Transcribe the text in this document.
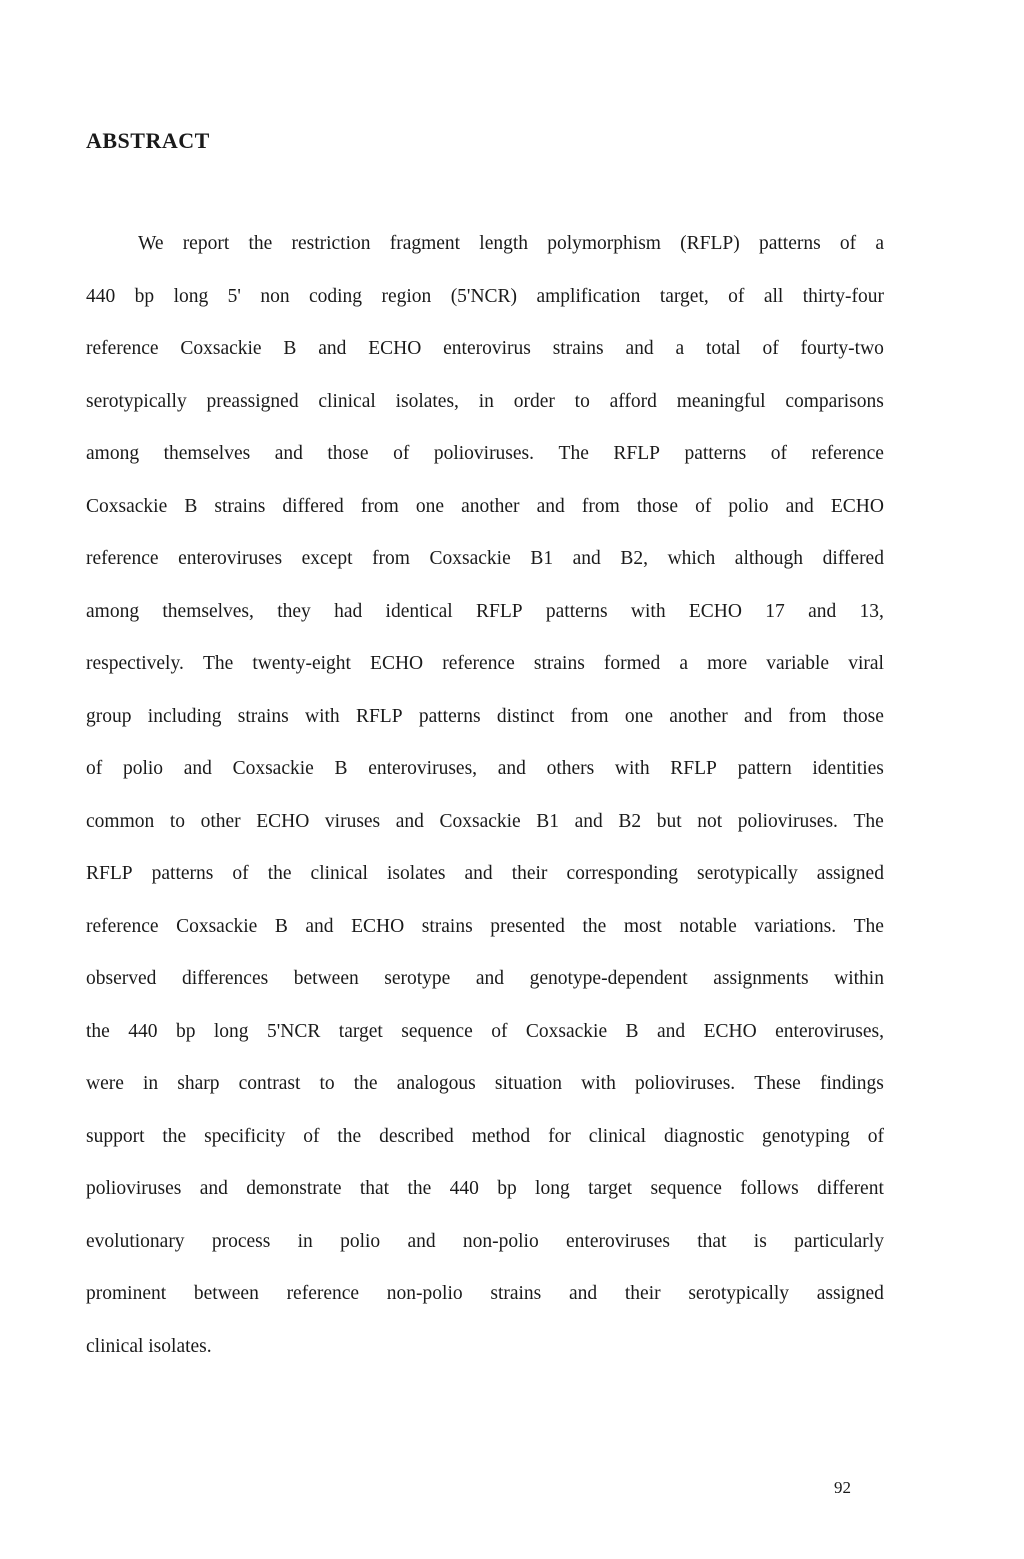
ABSTRACT
We report the restriction fragment length polymorphism (RFLP) patterns of a
440 bp long 5' non coding region (5'NCR) amplification target, of all thirty-four
reference Coxsackie B and ECHO enterovirus strains and a total of fourty-two
serotypically preassigned clinical isolates, in order to afford meaningful comparisons
among themselves and those of polioviruses. The RFLP patterns of reference
Coxsackie B strains differed from one another and from those of polio and ECHO
reference enteroviruses except from Coxsackie B1 and B2, which although differed
among themselves, they had identical RFLP patterns with ECHO 17 and 13,
respectively. The twenty-eight ECHO reference strains formed a more variable viral
group including strains with RFLP patterns distinct from one another and from those
of polio and Coxsackie B enteroviruses, and others with RFLP pattern identities
common to other ECHO viruses and Coxsackie B1 and B2 but not polioviruses. The
RFLP patterns of the clinical isolates and their corresponding serotypically assigned
reference Coxsackie B and ECHO strains presented the most notable variations. The
observed differences between serotype and genotype-dependent assignments within
the 440 bp long 5'NCR target sequence of Coxsackie B and ECHO enteroviruses,
were in sharp contrast to the analogous situation with polioviruses. These findings
support the specificity of the described method for clinical diagnostic genotyping of
polioviruses and demonstrate that the 440 bp long target sequence follows different
evolutionary process in polio and non-polio enteroviruses that is particularly
prominent between reference non-polio strains and their serotypically assigned
clinical
isolates.
92
